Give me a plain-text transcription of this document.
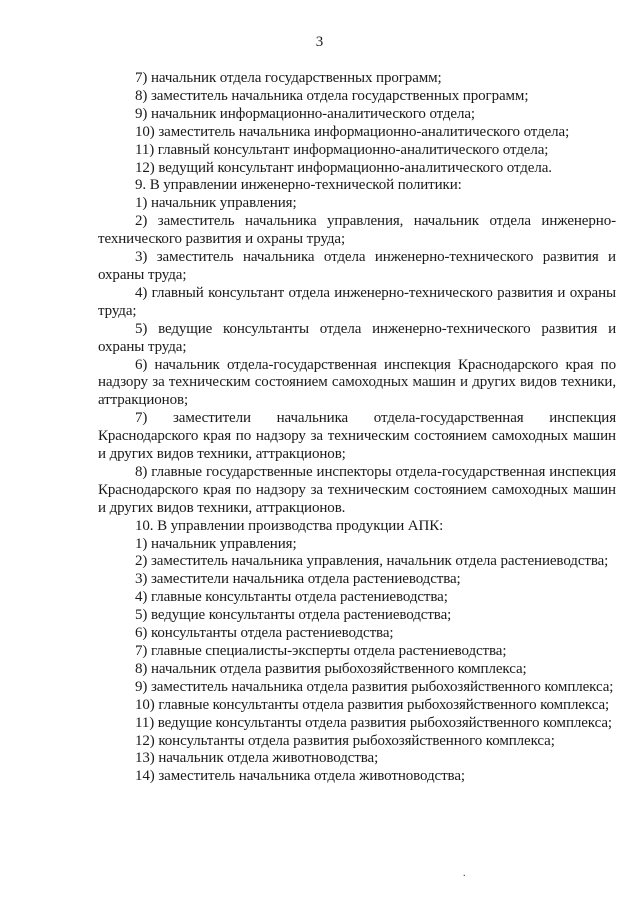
3

7) начальник отдела государственных программ;

8) заместитель начальника отдела государственных программ;

9) начальник информационно-аналитического отдела;

10) заместитель начальника информационно-аналитического отдела;

11) главный консультант информационно-аналитического отдела;

12) ведущий консультант информационно-аналитического отдела.

9. В управлении инженерно-технической политики:

1) начальник управления;

2) заместитель начальника управления, начальник отдела инженерно-технического развития и охраны труда;

3) заместитель начальника отдела инженерно-технического развития и охраны труда;

4) главный консультант отдела инженерно-технического развития и охраны труда;

5) ведущие консультанты отдела инженерно-технического развития и охраны труда;

6) начальник отдела-государственная инспекция Краснодарского края по надзору за техническим состоянием самоходных машин и других видов техники, аттракционов;

7) заместители начальника отдела-государственная инспекция Краснодарского края по надзору за техническим состоянием самоходных машин и других видов техники, аттракционов;

8) главные государственные инспекторы отдела-государственная инспекция Краснодарского края по надзору за техническим состоянием самоходных машин и других видов техники, аттракционов.

10. В управлении производства продукции АПК:

1) начальник управления;

2) заместитель начальника управления, начальник отдела растениеводства;

3) заместители начальника отдела растениеводства;

4) главные консультанты отдела растениеводства;

5) ведущие консультанты отдела растениеводства;

6) консультанты отдела растениеводства;

7) главные специалисты-эксперты отдела растениеводства;

8) начальник отдела развития рыбохозяйственного комплекса;

9) заместитель начальника отдела развития рыбохозяйственного комплекса;

10) главные консультанты отдела развития рыбохозяйственного комплекса;

11) ведущие консультанты отдела развития рыбохозяйственного комплекса;

12) консультанты отдела развития рыбохозяйственного комплекса;

13) начальник отдела животноводства;

14) заместитель начальника отдела животноводства;

.
